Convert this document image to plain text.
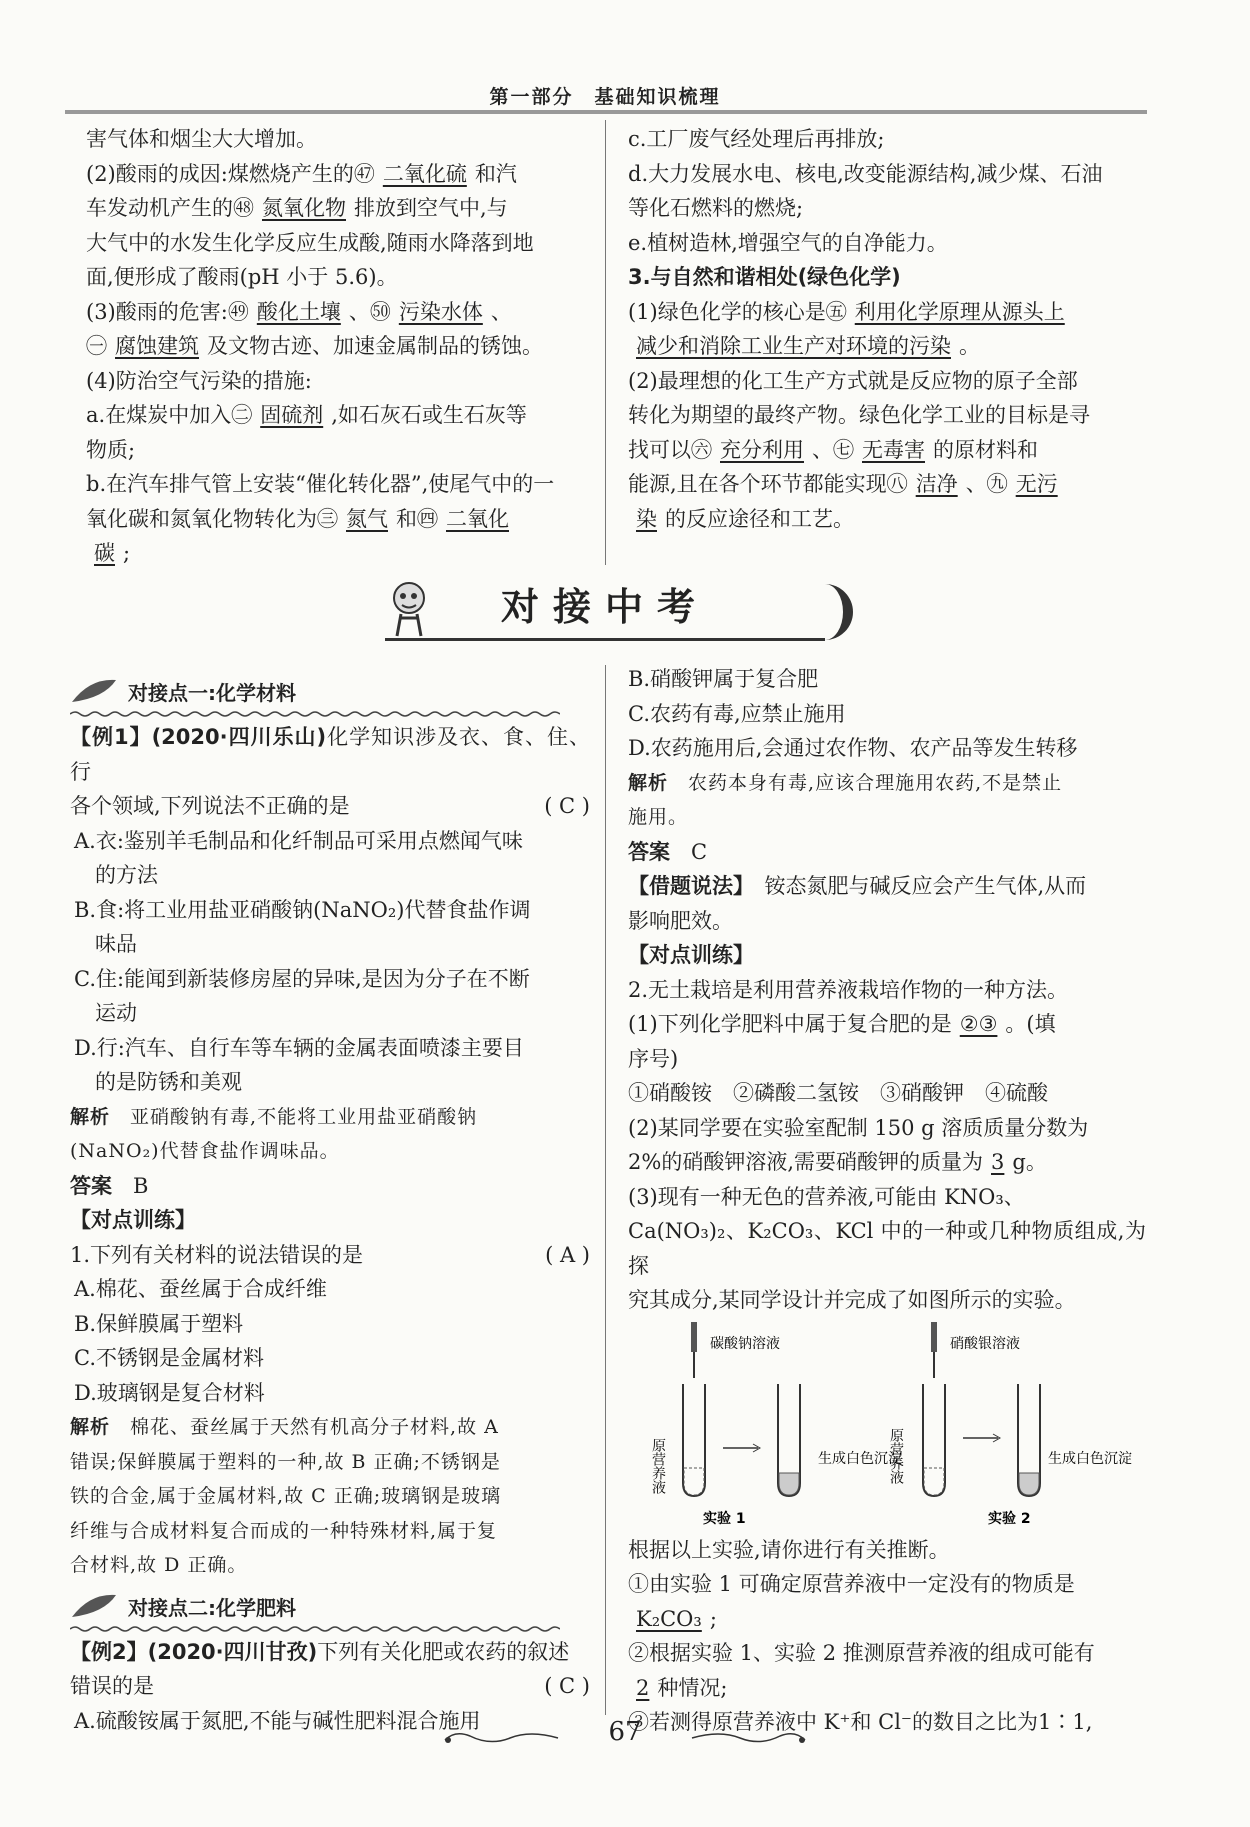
第一部分　基础知识梳理

害气体和烟尘大大增加。

(2)酸雨的成因:煤燃烧产生的㊼ 二氧化硫 和汽

车发动机产生的㊽ 氮氧化物 排放到空气中,与

大气中的水发生化学反应生成酸,随雨水降落到地

面,便形成了酸雨(pH 小于 5.6)。

(3)酸雨的危害:㊾ 酸化土壤 、㊿ 污染水体 、

㊀ 腐蚀建筑 及文物古迹、加速金属制品的锈蚀。

(4)防治空气污染的措施:

a.在煤炭中加入㊁ 固硫剂 ,如石灰石或生石灰等

物质;

b.在汽车排气管上安装“催化转化器”,使尾气中的一

氧化碳和氮氧化物转化为㊂ 氮气 和㊃ 二氧化

碳 ;

c.工厂废气经处理后再排放;

d.大力发展水电、核电,改变能源结构,减少煤、石油

等化石燃料的燃烧;

e.植树造林,增强空气的自净能力。

3.与自然和谐相处(绿色化学)

(1)绿色化学的核心是㊄ 利用化学原理从源头上

减少和消除工业生产对环境的污染 。

(2)最理想的化工生产方式就是反应物的原子全部

转化为期望的最终产物。绿色化学工业的目标是寻

找可以㊅ 充分利用 、㊆ 无毒害 的原材料和

能源,且在各个环节都能实现㊇ 洁净 、㊈ 无污

染 的反应途径和工艺。

对接中考
对接点一:化学材料

【例1】(2020·四川乐山)化学知识涉及衣、食、住、行

各个领域,下列说法不正确的是	( C )

A.衣:鉴别羊毛制品和化纤制品可采用点燃闻气味

　的方法

B.食:将工业用盐亚硝酸钠(NaNO₂)代替食盐作调

　味品

C.住:能闻到新装修房屋的异味,是因为分子在不断

　运动

D.行:汽车、自行车等车辆的金属表面喷漆主要目

　的是防锈和美观

解析　 亚硝酸钠有毒,不能将工业用盐亚硝酸钠

(NaNO₂)代替食盐作调味品。

答案　 B

【对点训练】

1.下列有关材料的说法错误的是	( A )

A.棉花、蚕丝属于合成纤维

B.保鲜膜属于塑料

C.不锈钢是金属材料

D.玻璃钢是复合材料

解析　 棉花、蚕丝属于天然有机高分子材料,故 A

错误;保鲜膜属于塑料的一种,故 B 正确;不锈钢是

铁的合金,属于金属材料,故 C 正确;玻璃钢是玻璃

纤维与合成材料复合而成的一种特殊材料,属于复

合材料,故 D 正确。

对接点二:化学肥料

【例2】(2020·四川甘孜)下列有关化肥或农药的叙述

错误的是	( C )

A.硫酸铵属于氮肥,不能与碱性肥料混合施用

B.硝酸钾属于复合肥

C.农药有毒,应禁止施用

D.农药施用后,会通过农作物、农产品等发生转移

解析　 农药本身有毒,应该合理施用农药,不是禁止

施用。

答案　 C

【借题说法】　 铵态氮肥与碱反应会产生气体,从而

影响肥效。

【对点训练】

2.无土栽培是利用营养液栽培作物的一种方法。

(1)下列化学肥料中属于复合肥的是 ②③ 。(填

序号)

①硝酸铵　②磷酸二氢铵　③硝酸钾　④硫酸

(2)某同学要在实验室配制 150 g 溶质质量分数为

2%的硝酸钾溶液,需要硝酸钾的质量为 3 g。

(3)现有一种无色的营养液,可能由 KNO₃、

Ca(NO₃)₂、K₂CO₃、KCl 中的一种或几种物质组成,为探

究其成分,某同学设计并完成了如图所示的实验。

碳酸钠溶液
原营养液	生成白色沉淀
实验 1
硝酸银溶液
原营养液	生成白色沉淀
实验 2

根据以上实验,请你进行有关推断。

①由实验 1 可确定原营养液中一定没有的物质是

K₂CO₃ ;

②根据实验 1、实验 2 推测原营养液的组成可能有

2 种情况;

③若测得原营养液中 K⁺和 Cl⁻的数目之比为1∶1,

67
